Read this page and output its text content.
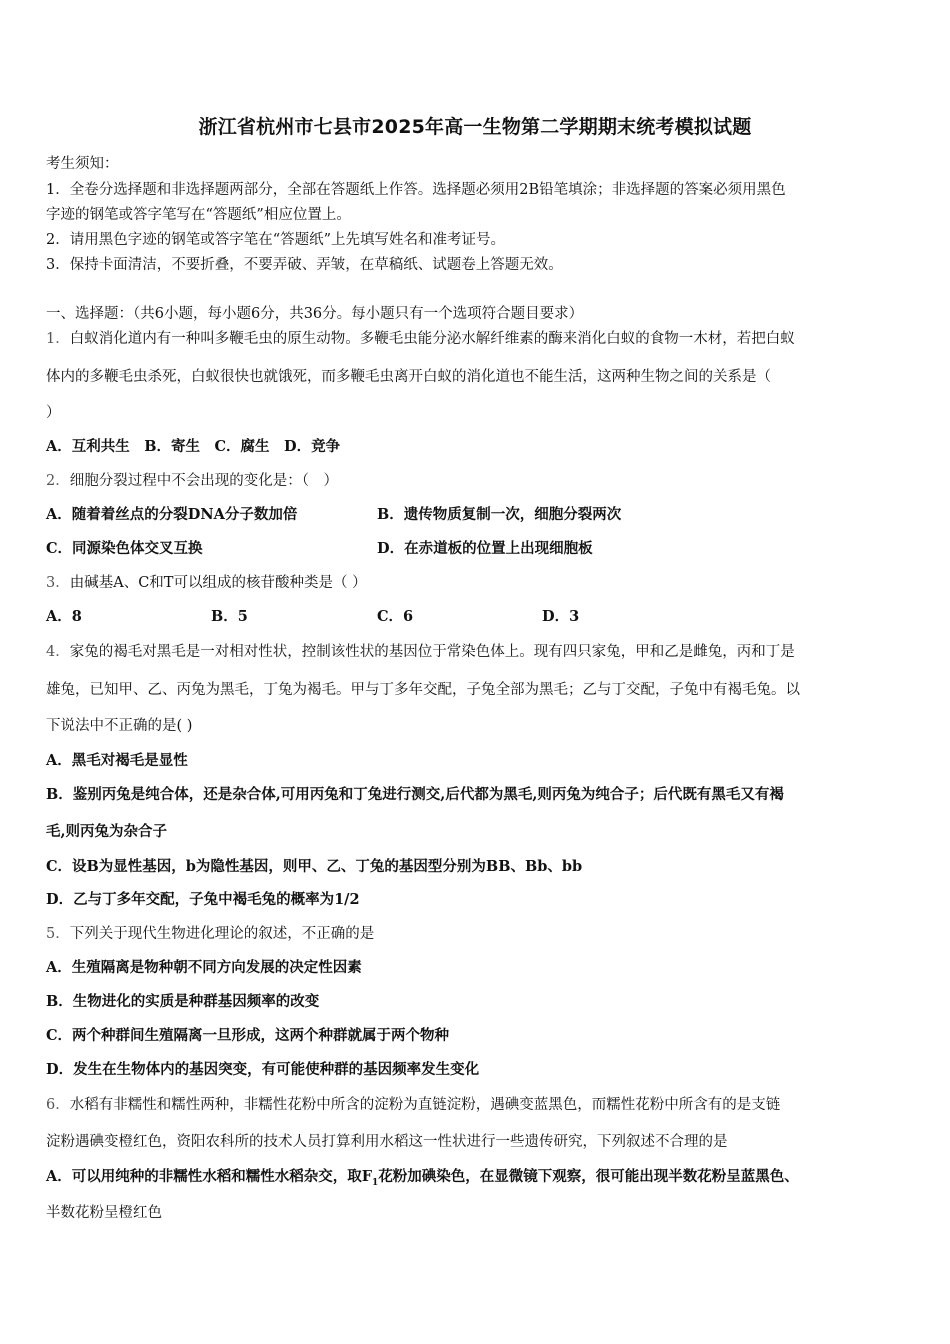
浙江省杭州市七县市2025年高一生物第二学期期末统考模拟试题
考生须知：
1．全卷分选择题和非选择题两部分，全部在答题纸上作答。选择题必须用2B铅笔填涂；非选择题的答案必须用黑色
字迹的钢笔或答字笔写在“答题纸”相应位置上。
2．请用黑色字迹的钢笔或答字笔在“答题纸”上先填写姓名和准考证号。
3．保持卡面清洁，不要折叠，不要弄破、弄皱，在草稿纸、试题卷上答题无效。
一、选择题：（共6小题，每小题6分，共36分。每小题只有一个选项符合题目要求）
1．白蚁消化道内有一种叫多鞭毛虫的原生动物。多鞭毛虫能分泌水解纤维素的酶来消化白蚁的食物一木材，若把白蚁
体内的多鞭毛虫杀死，白蚁很快也就饿死，而多鞭毛虫离开白蚁的消化道也不能生活，这两种生物之间的关系是（
）
A．互利共生　B．寄生　C．腐生　D．竞争
2．细胞分裂过程中不会出现的变化是：（　）
A．随着着丝点的分裂DNA分子数加倍	B．遗传物质复制一次，细胞分裂两次
C．同源染色体交叉互换	D．在赤道板的位置上出现细胞板
3．由碱基A、C和T可以组成的核苷酸种类是（ ）
A．8	B．5	C．6	D．3
4．家兔的褐毛对黑毛是一对相对性状，控制该性状的基因位于常染色体上。现有四只家兔，甲和乙是雌兔，丙和丁是
雄兔，已知甲、乙、丙兔为黑毛，丁兔为褐毛。甲与丁多年交配，子兔全部为黑毛；乙与丁交配，子兔中有褐毛兔。以
下说法中不正确的是( )
A．黑毛对褐毛是显性
B．鉴别丙兔是纯合体，还是杂合体,可用丙兔和丁兔进行测交,后代都为黑毛,则丙兔为纯合子；后代既有黑毛又有褐
毛,则丙兔为杂合子
C．设B为显性基因，b为隐性基因，则甲、乙、丁兔的基因型分别为BB、Bb、bb
D．乙与丁多年交配，子兔中褐毛兔的概率为1/2
5．下列关于现代生物进化理论的叙述，不正确的是
A．生殖隔离是物种朝不同方向发展的决定性因素
B．生物进化的实质是种群基因频率的改变
C．两个种群间生殖隔离一旦形成，这两个种群就属于两个物种
D．发生在生物体内的基因突变，有可能使种群的基因频率发生变化
6．水稻有非糯性和糯性两种，非糯性花粉中所含的淀粉为直链淀粉，遇碘变蓝黑色，而糯性花粉中所含有的是支链
淀粉遇碘变橙红色，资阳农科所的技术人员打算利用水稻这一性状进行一些遗传研究，下列叙述不合理的是
A．可以用纯种的非糯性水稻和糯性水稻杂交，取$F_1$花粉加碘染色，在显微镜下观察，很可能出现半数花粉呈蓝黑色、
半数花粉呈橙红色
